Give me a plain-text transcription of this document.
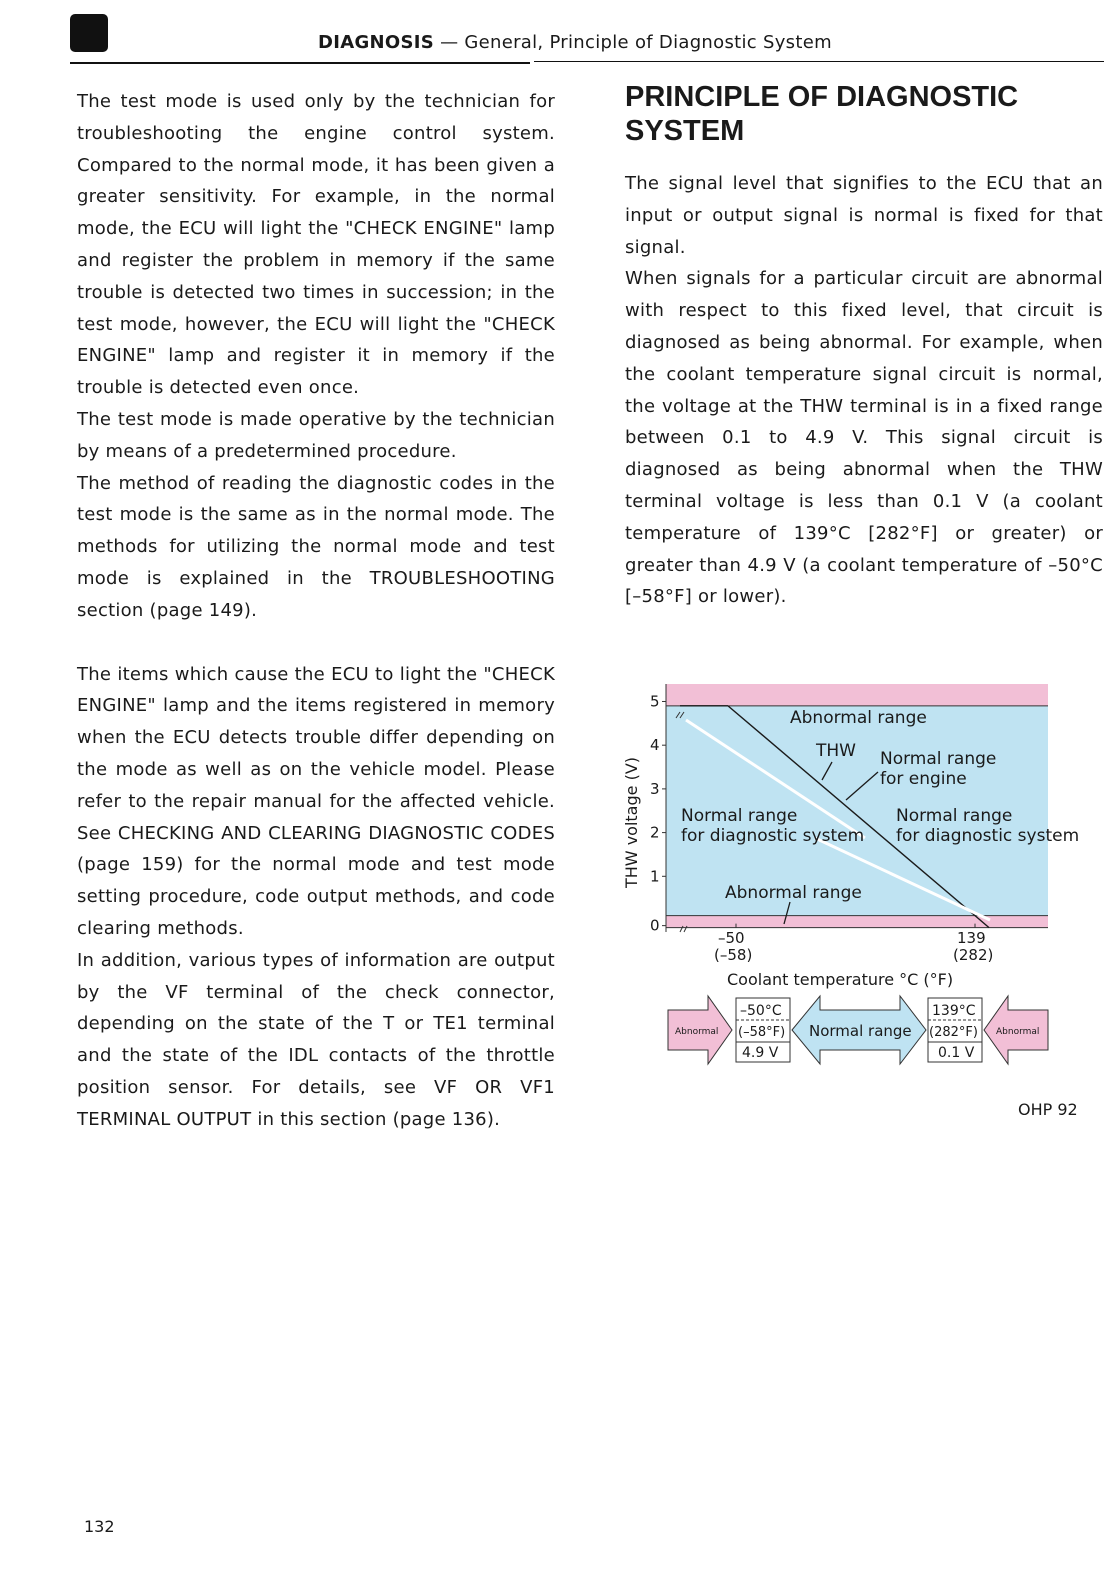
DIAGNOSIS — General, Principle of Diagnostic System

The test mode is used only by the technician for troubleshooting the engine control system. Compared to the normal mode, it has been given a greater sensitivity. For example, in the normal mode, the ECU will light the "CHECK ENGINE" lamp and register the problem in memory if the same trouble is detected two times in succession; in the test mode, however, the ECU will light the "CHECK ENGINE" lamp and register it in memory if the trouble is detected even once.

The test mode is made operative by the technician by means of a predetermined procedure.

The method of reading the diagnostic codes in the test mode is the same as in the normal mode. The methods for utilizing the normal mode and test mode is explained in the TROUBLESHOOTING section (page 149).

The items which cause the ECU to light the "CHECK ENGINE" lamp and the items registered in memory when the ECU detects trouble differ depending on the mode as well as on the vehicle model. Please refer to the repair manual for the affected vehicle. See CHECKING AND CLEARING DIAGNOSTIC CODES (page 159) for the normal mode and test mode setting procedure, code output methods, and code clearing methods.

In addition, various types of information are output by the VF terminal of the check connector, depending on the state of the T or TE1 terminal and the state of the IDL contacts of the throttle position sensor. For details, see VF OR VF1 TERMINAL OUTPUT in this section (page 136).

PRINCIPLE OF DIAGNOSTIC SYSTEM

The signal level that signifies to the ECU that an input or output signal is normal is fixed for that signal.

When signals for a particular circuit are abnormal with respect to this fixed level, that circuit is diagnosed as being abnormal. For example, when the coolant temperature signal circuit is normal, the voltage at the THW terminal is in a fixed range between 0.1 to 4.9 V. This signal circuit is diagnosed as being abnormal when the THW terminal voltage is less than 0.1 V (a coolant temperature of 139°C [282°F] or greater) or greater than 4.9 V (a coolant temperature of –50°C [–58°F] or lower).

0
1
2
3
4
5
Abnormal range
THW Normal range
for engine
Normal range
for diagnostic system
Normal range
for diagnostic system
Abnormal range
–50
(–58)
139
(282)
THW voltage (V)
Coolant temperature °C (°F)
Abnormal	Normal range	Abnormal
–50°C
(–58°F)
4.9 V
139°C
(282°F)
0.1 V
OHP 92
132
